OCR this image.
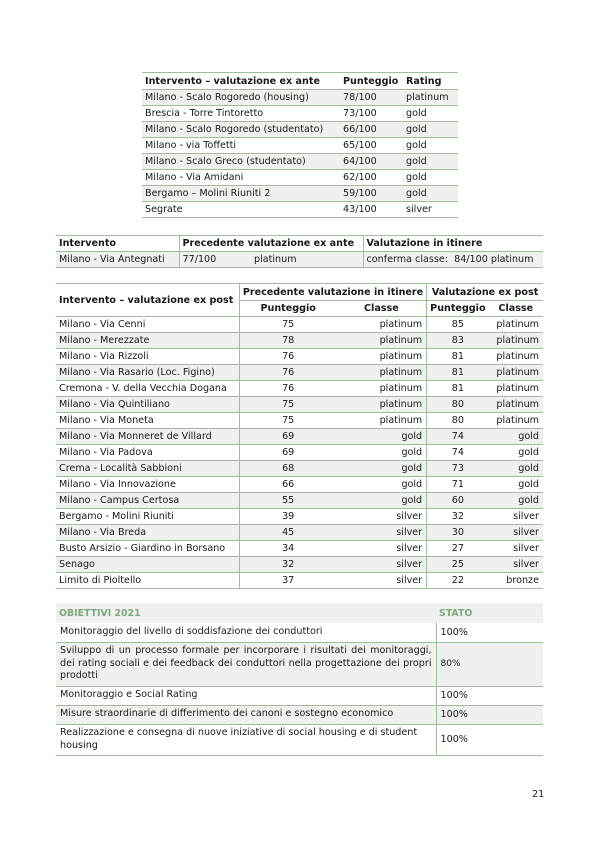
Intervento – valutazione ex ante	Punteggio	Rating
Milano - Scalo Rogoredo (housing)	78/100	platinum
Brescia - Torre Tintoretto	73/100	gold
Milano - Scalo Rogoredo (studentato)	66/100	gold
Milano - via Toffetti	65/100	gold
Milano - Scalo Greco (studentato)	64/100	gold
Milano - Via Amidani	62/100	gold
Bergamo – Molini Riuniti 2	59/100	gold
Segrate	43/100	silver
Intervento	Precedente valutazione ex ante		Valutazione in itinere
Milano - Via Antegnati	77/100	platinum	conferma classe:  84/100 platinum
Intervento – valutazione ex post	Precedente valutazione in itinere		Valutazione ex post	
	Punteggio	Classe	Punteggio	Classe
Milano - Via Cenni	75	platinum	85	platinum
Milano - Merezzate	78	platinum	83	platinum
Milano - Via Rizzoli	76	platinum	81	platinum
Milano - Via Rasario (Loc. Figino)	76	platinum	81	platinum
Cremona - V. della Vecchia Dogana	76	platinum	81	platinum
Milano - Via Quintiliano	75	platinum	80	platinum
Milano - Via Moneta	75	platinum	80	platinum
Milano - Via Monneret de Villard	69	gold	74	gold
Milano - Via Padova	69	gold	74	gold
Crema - Località Sabbioni	68	gold	73	gold
Milano - Via Innovazione	66	gold	71	gold
Milano - Campus Certosa	55	gold	60	gold
Bergamo - Molini Riuniti	39	silver	32	silver
Milano - Via Breda	45	silver	30	silver
Busto Arsizio - Giardino in Borsano	34	silver	27	silver
Senago	32	silver	25	silver
Limito di Pioltello	37	silver	22	bronze
OBIETTIVI 2021	STATO
Monitoraggio del livello di soddisfazione dei conduttori	100%
Sviluppo di un processo formale per incorporare i risultati dei monitoraggi, dei rating sociali e dei feedback dei conduttori nella progettazione dei propri prodotti	80%
Monitoraggio e Social Rating	100%
Misure straordinarie di differimento dei canoni e sostegno economico	100%
Realizzazione e consegna di nuove iniziative di social housing e di student housing	100%
21
